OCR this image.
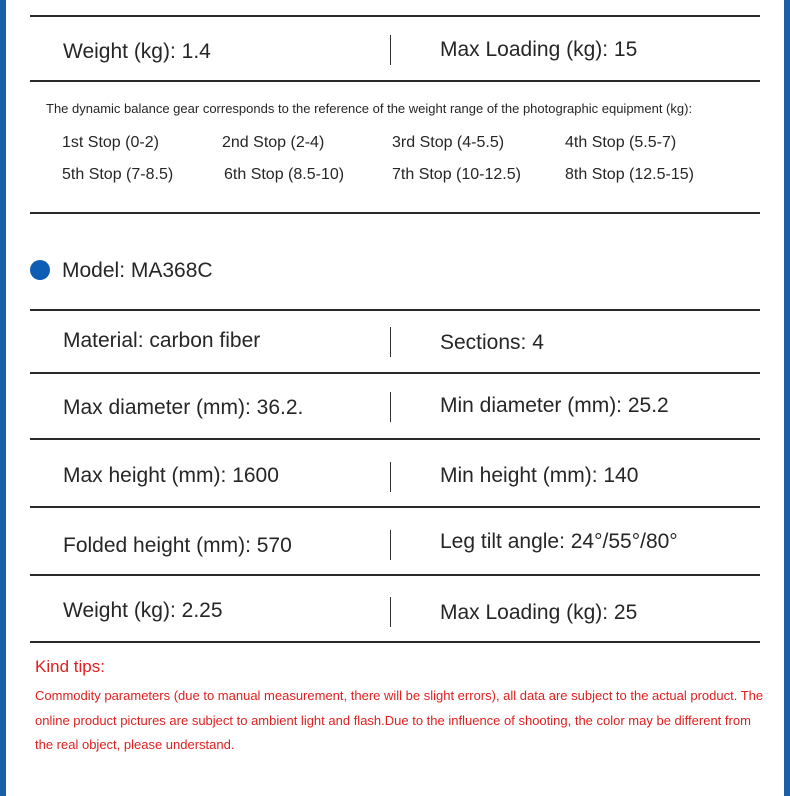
Weight (kg): 1.4	Max Loading (kg): 15
The dynamic balance gear corresponds to the reference of the weight range of the photographic equipment (kg):
1st Stop (0-2)	2nd Stop (2-4)	3rd Stop (4-5.5)	4th Stop (5.5-7)
5th Stop (7-8.5)	6th Stop (8.5-10)	7th Stop (10-12.5)	8th Stop (12.5-15)
Model: MA368C
Material: carbon fiber	Sections: 4
Max diameter (mm): 36.2.	Min diameter (mm): 25.2
Max height (mm): 1600	Min height (mm): 140
Folded height (mm): 570	Leg tilt angle: 24°/55°/80°
Weight (kg): 2.25	Max Loading (kg): 25
Kind tips:
Commodity parameters (due to manual measurement, there will be slight errors), all data are subject to the actual product. The online product pictures are subject to ambient light and flash.Due to the influence of shooting, the color may be different from the real object, please understand.
